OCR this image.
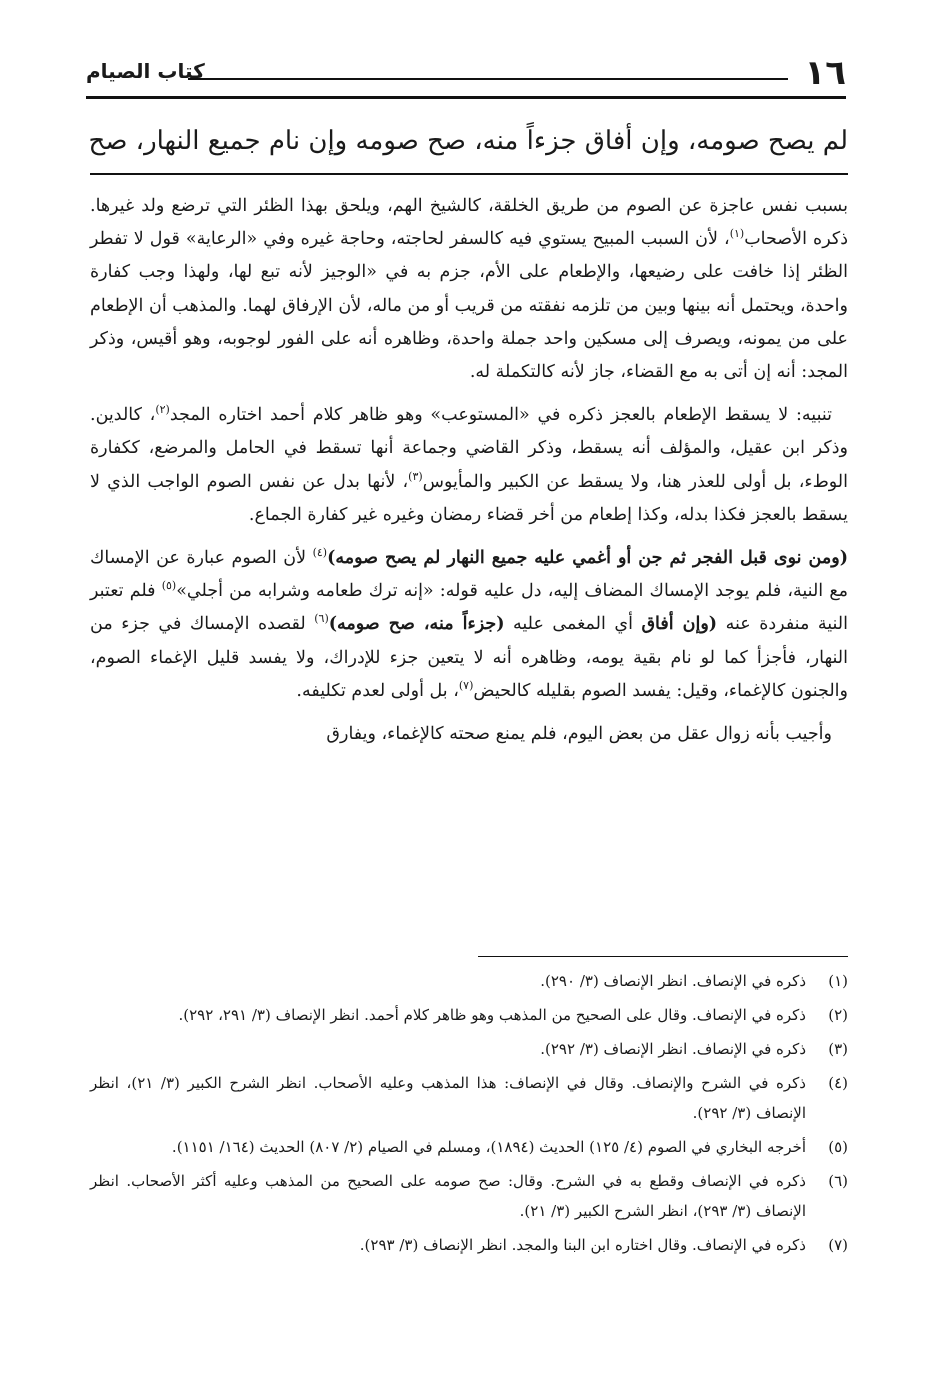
١٦
كتاب الصيام
لم يصح صومه، وإن أفاق جزءاً منه، صح صومه وإن نام جميع النهار، صح

بسبب نفس عاجزة عن الصوم من طريق الخلقة، كالشيخ الهم، ويلحق بهذا الظئر التي ترضع ولد غيرها. ذكره الأصحاب$^{(١)}$، لأن السبب المبيح يستوي فيه كالسفر لحاجته، وحاجة غيره وفي «الرعاية» قول لا تفطر الظئر إذا خافت على رضيعها، والإطعام على الأم، جزم به في «الوجيز لأنه تبع لها، ولهذا وجب كفارة واحدة، ويحتمل أنه بينها وبين من تلزمه نفقته من قريب أو من ماله، لأن الإرفاق لهما. والمذهب أن الإطعام على من يمونه، ويصرف إلى مسكين واحد جملة واحدة، وظاهره أنه على الفور لوجوبه، وهو أقيس، وذكر المجد: أنه إن أتى به مع القضاء، جاز لأنه كالتكملة له.

تنبيه: لا يسقط الإطعام بالعجز ذكره في «المستوعب» وهو ظاهر كلام أحمد اختاره المجد$^{(٢)}$، كالدين. وذكر ابن عقيل، والمؤلف أنه يسقط، وذكر القاضي وجماعة أنها تسقط في الحامل والمرضع، ككفارة الوطء، بل أولى للعذر هنا، ولا يسقط عن الكبير والمأيوس$^{(٣)}$، لأنها بدل عن نفس الصوم الواجب الذي لا يسقط بالعجز فكذا بدله، وكذا إطعام من أخر قضاء رمضان وغيره غير كفارة الجماع.

(ومن نوى قبل الفجر ثم جن أو أغمي عليه جميع النهار لم يصح صومه)$^{(٤)}$ لأن الصوم عبارة عن الإمساك مع النية، فلم يوجد الإمساك المضاف إليه، دل عليه قوله: «إنه ترك طعامه وشرابه من أجلي»$^{(٥)}$ فلم تعتبر النية منفردة عنه (وإن أفاق أي المغمى عليه (جزءاً منه، صح صومه)$^{(٦)}$ لقصده الإمساك في جزء من النهار، فأجزأ كما لو نام بقية يومه، وظاهره أنه لا يتعين جزء للإدراك، ولا يفسد قليل الإغماء الصوم، والجنون كالإغماء، وقيل: يفسد الصوم بقليله كالحيض$^{(٧)}$، بل أولى لعدم تكليفه.

وأجيب بأنه زوال عقل من بعض اليوم، فلم يمنع صحته كالإغماء، ويفارق

(١)
ذكره في الإنصاف. انظر الإنصاف (٣/ ٢٩٠).
(٢)
ذكره في الإنصاف. وقال على الصحيح من المذهب وهو ظاهر كلام أحمد. انظر الإنصاف (٣/ ٢٩١، ٢٩٢).
(٣)
ذكره في الإنصاف. انظر الإنصاف (٣/ ٢٩٢).
(٤)
ذكره في الشرح والإنصاف. وقال في الإنصاف: هذا المذهب وعليه الأصحاب. انظر الشرح الكبير (٣/ ٢١)، انظر الإنصاف (٣/ ٢٩٢).
(٥)
أخرجه البخاري في الصوم (٤/ ١٢٥) الحديث (١٨٩٤)، ومسلم في الصيام (٢/ ٨٠٧) الحديث (١٦٤/ ١١٥١).
(٦)
ذكره في الإنصاف وقطع به في الشرح. وقال: صح صومه على الصحيح من المذهب وعليه أكثر الأصحاب. انظر الإنصاف (٣/ ٢٩٣)، انظر الشرح الكبير (٣/ ٢١).
(٧)
ذكره في الإنصاف. وقال اختاره ابن البنا والمجد. انظر الإنصاف (٣/ ٢٩٣).
